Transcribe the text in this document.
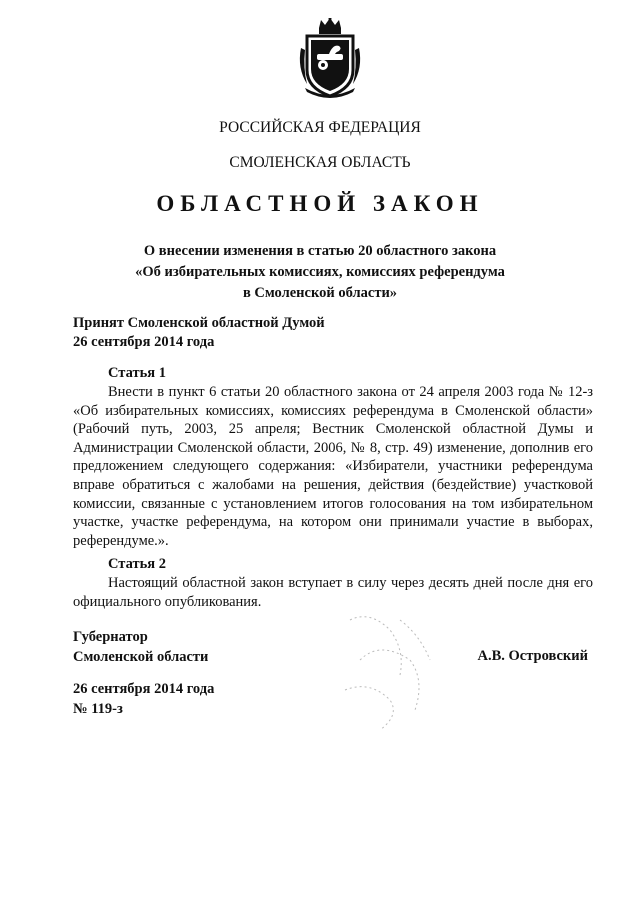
РОССИЙСКАЯ ФЕДЕРАЦИЯ
СМОЛЕНСКАЯ ОБЛАСТЬ
ОБЛАСТНОЙ ЗАКОН
О внесении изменения в статью 20 областного закона
«Об избирательных комиссиях, комиссиях референдума
в Смоленской области»
Принят Смоленской областной Думой
26 сентября 2014 года
Статья 1

Внести в пункт 6 статьи 20 областного закона от 24 апреля 2003 года № 12-з «Об избирательных комиссиях, комиссиях референдума в Смоленской области» (Рабочий путь, 2003, 25 апреля; Вестник Смоленской областной Думы и Администрации Смоленской области, 2006, № 8, стр. 49) изменение, дополнив его предложением следующего содержания: «Избиратели, участники референдума вправе обратиться с жалобами на решения, действия (бездействие) участковой комиссии, связанные с установлением итогов голосования на том избирательном участке, участке референдума, на котором они принимали участие в выборах, референдуме.».

Статья 2

Настоящий областной закон вступает в силу через десять дней после дня его официального опубликования.

Губернатор
Смоленской области	А.В. Островский
26 сентября 2014 года
№ 119-з
